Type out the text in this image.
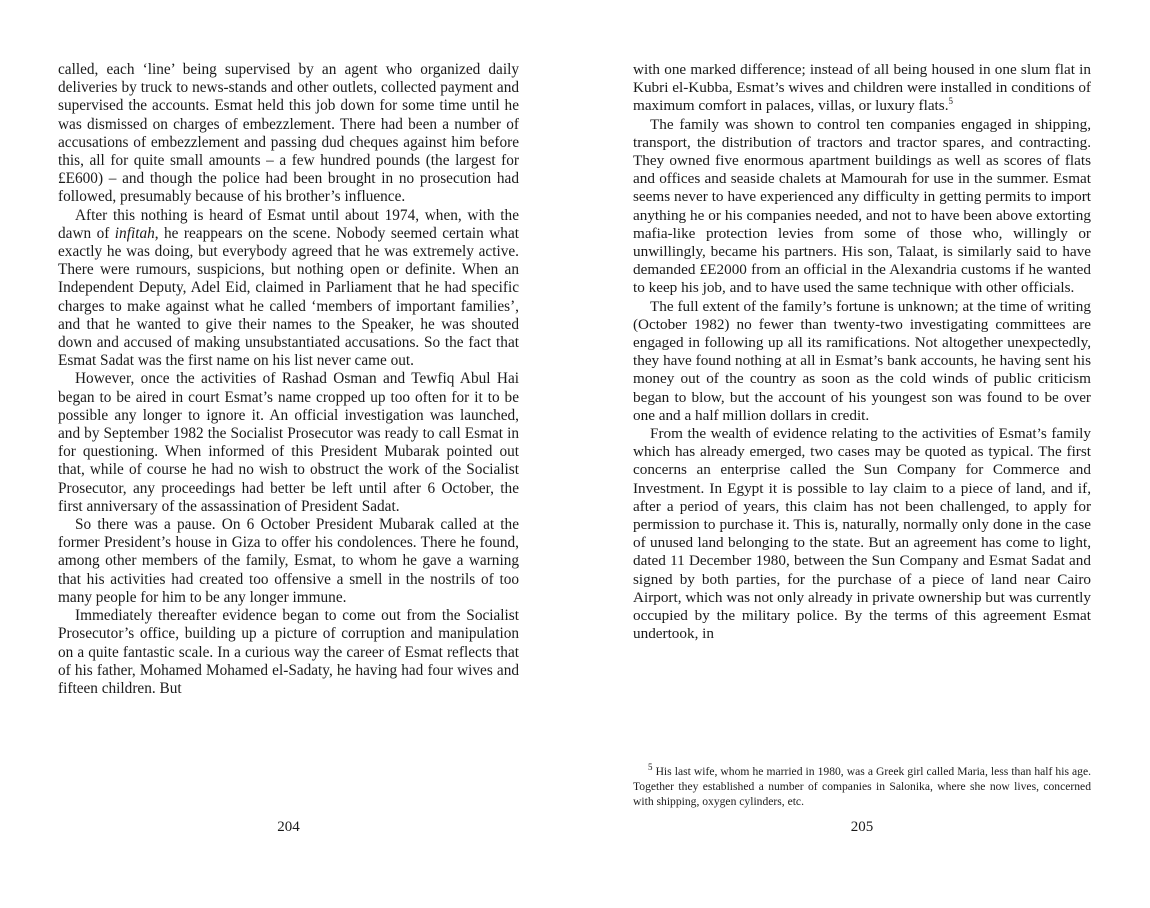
called, each ‘line’ being supervised by an agent who organized daily deliveries by truck to news-stands and other outlets, collected payment and supervised the accounts. Esmat held this job down for some time until he was dismissed on charges of embezzlement. There had been a number of accusations of embezzlement and passing dud cheques against him before this, all for quite small amounts – a few hundred pounds (the largest for £E600) – and though the police had been brought in no prosecution had followed, presumably because of his brother’s influence.

After this nothing is heard of Esmat until about 1974, when, with the dawn of infitah, he reappears on the scene. Nobody seemed certain what exactly he was doing, but everybody agreed that he was extremely active. There were rumours, suspicions, but nothing open or definite. When an Independent Deputy, Adel Eid, claimed in Parliament that he had specific charges to make against what he called ‘members of important families’, and that he wanted to give their names to the Speaker, he was shouted down and accused of making unsubstantiated accusations. So the fact that Esmat Sadat was the first name on his list never came out.

However, once the activities of Rashad Osman and Tewfiq Abul Hai began to be aired in court Esmat’s name cropped up too often for it to be possible any longer to ignore it. An official investigation was launched, and by September 1982 the Socialist Prosecutor was ready to call Esmat in for questioning. When informed of this President Mubarak pointed out that, while of course he had no wish to obstruct the work of the Socialist Prosecutor, any proceedings had better be left until after 6 October, the first anniversary of the assassination of President Sadat.

So there was a pause. On 6 October President Mubarak called at the former President’s house in Giza to offer his condolences. There he found, among other members of the family, Esmat, to whom he gave a warning that his activities had created too offensive a smell in the nostrils of too many people for him to be any longer immune.

Immediately thereafter evidence began to come out from the Socialist Prosecutor’s office, building up a picture of corruption and manipulation on a quite fantastic scale. In a curious way the career of Esmat reflects that of his father, Mohamed Mohamed el-Sadaty, he having had four wives and fifteen children. But

204

with one marked difference; instead of all being housed in one slum flat in Kubri el-Kubba, Esmat’s wives and children were installed in conditions of maximum comfort in palaces, villas, or luxury flats.$^5$

The family was shown to control ten companies engaged in shipping, transport, the distribution of tractors and tractor spares, and contracting. They owned five enormous apartment buildings as well as scores of flats and offices and seaside chalets at Mamourah for use in the summer. Esmat seems never to have experienced any difficulty in getting permits to import anything he or his companies needed, and not to have been above extorting mafia-like protection levies from some of those who, willingly or unwillingly, became his partners. His son, Talaat, is similarly said to have demanded £E2000 from an official in the Alexandria customs if he wanted to keep his job, and to have used the same technique with other officials.

The full extent of the family’s fortune is unknown; at the time of writing (October 1982) no fewer than twenty-two investigating committees are engaged in following up all its ramifications. Not altogether unexpectedly, they have found nothing at all in Esmat’s bank accounts, he having sent his money out of the country as soon as the cold winds of public criticism began to blow, but the account of his youngest son was found to be over one and a half million dollars in credit.

From the wealth of evidence relating to the activities of Esmat’s family which has already emerged, two cases may be quoted as typical. The first concerns an enterprise called the Sun Company for Commerce and Investment. In Egypt it is possible to lay claim to a piece of land, and if, after a period of years, this claim has not been challenged, to apply for permission to purchase it. This is, naturally, normally only done in the case of unused land belonging to the state. But an agreement has come to light, dated 11 December 1980, between the Sun Company and Esmat Sadat and signed by both parties, for the purchase of a piece of land near Cairo Airport, which was not only already in private ownership but was currently occupied by the military police. By the terms of this agreement Esmat undertook, in

$^5$ His last wife, whom he married in 1980, was a Greek girl called Maria, less than half his age. Together they established a number of companies in Salonika, where she now lives, concerned with shipping, oxygen cylinders, etc.
205
